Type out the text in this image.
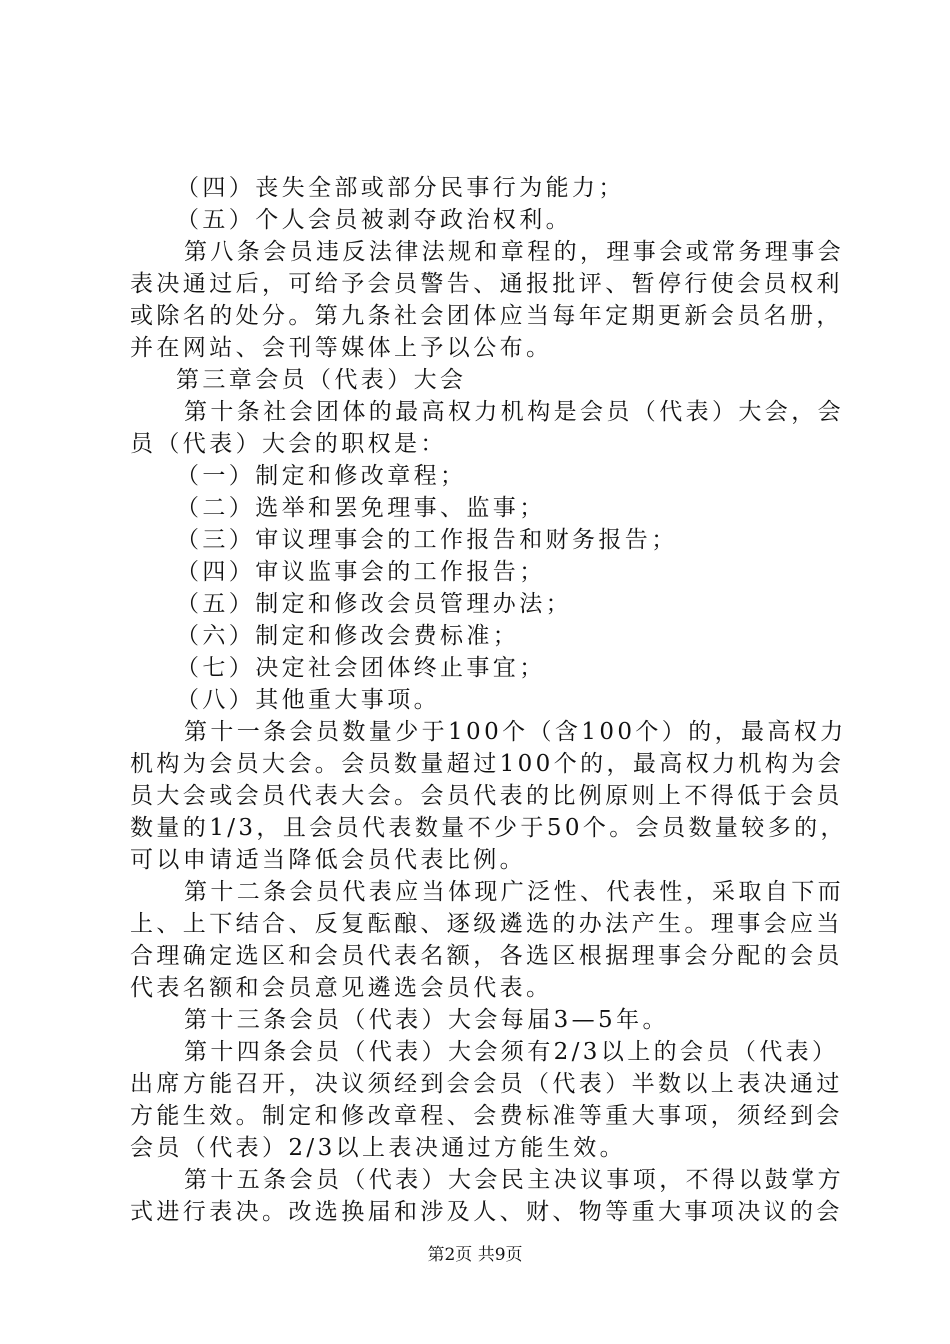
（四）丧失全部或部分民事行为能力；
（五）个人会员被剥夺政治权利。
第八条会员违反法律法规和章程的，理事会或常务理事会
表决通过后，可给予会员警告、通报批评、暂停行使会员权利
或除名的处分。第九条社会团体应当每年定期更新会员名册，
并在网站、会刊等媒体上予以公布。
第三章会员（代表）大会
第十条社会团体的最高权力机构是会员（代表）大会，会
员（代表）大会的职权是：
（一）制定和修改章程；
（二）选举和罢免理事、监事；
（三）审议理事会的工作报告和财务报告；
（四）审议监事会的工作报告；
（五）制定和修改会员管理办法；
（六）制定和修改会费标准；
（七）决定社会团体终止事宜；
（八）其他重大事项。
第十一条会员数量少于100个（含100个）的，最高权力
机构为会员大会。会员数量超过100个的，最高权力机构为会
员大会或会员代表大会。会员代表的比例原则上不得低于会员
数量的1/3，且会员代表数量不少于50个。会员数量较多的，
可以申请适当降低会员代表比例。
第十二条会员代表应当体现广泛性、代表性，采取自下而
上、上下结合、反复酝酿、逐级遴选的办法产生。理事会应当
合理确定选区和会员代表名额，各选区根据理事会分配的会员
代表名额和会员意见遴选会员代表。
第十三条会员（代表）大会每届3—5年。
第十四条会员（代表）大会须有2/3以上的会员（代表）
出席方能召开，决议须经到会会员（代表）半数以上表决通过
方能生效。制定和修改章程、会费标准等重大事项，须经到会
会员（代表）2/3以上表决通过方能生效。
第十五条会员（代表）大会民主决议事项，不得以鼓掌方
式进行表决。改选换届和涉及人、财、物等重大事项决议的会
第2页 共9页
